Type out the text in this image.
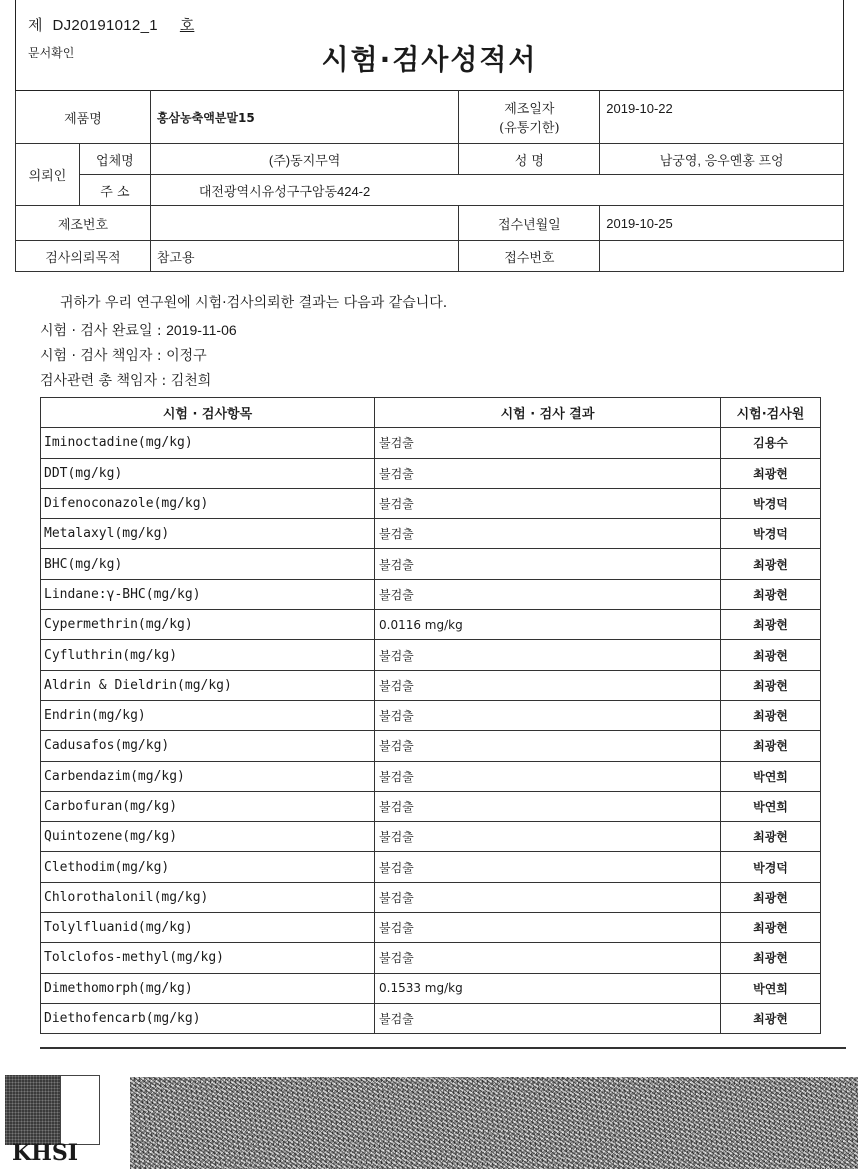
제 DJ20191012_1 호
문서확인	시험·검사성적서
제품명		홍삼농축액분말15	제조일자
(유통기한)	2019-10-22
의뢰인	업체명	(주)동지무역	성 명	남궁영, 응우옌홍 프엉
	주 소	대전광역시유성구구암동424-2		
제조번호			접수년월일	2019-10-25
검사의뢰목적		참고용	접수번호	
귀하가 우리 연구원에 시험·검사의뢰한 결과는 다음과 같습니다.
시험 · 검사 완료일 : 2019-11-06
시험 · 검사 책임자 : 이정구
검사관련 총 책임자 : 김천희
시험 · 검사항목	시험 · 검사 결과	시험·검사원
Iminoctadine(mg/kg)	불검출	김용수
DDT(mg/kg)	불검출	최광현
Difenoconazole(mg/kg)	불검출	박경덕
Metalaxyl(mg/kg)	불검출	박경덕
BHC(mg/kg)	불검출	최광현
Lindane:γ-BHC(mg/kg)	불검출	최광현
Cypermethrin(mg/kg)	0.0116 mg/kg	최광현
Cyfluthrin(mg/kg)	불검출	최광현
Aldrin & Dieldrin(mg/kg)	불검출	최광현
Endrin(mg/kg)	불검출	최광현
Cadusafos(mg/kg)	불검출	최광현
Carbendazim(mg/kg)	불검출	박연희
Carbofuran(mg/kg)	불검출	박연희
Quintozene(mg/kg)	불검출	최광현
Clethodim(mg/kg)	불검출	박경덕
Chlorothalonil(mg/kg)	불검출	최광현
Tolylfluanid(mg/kg)	불검출	최광현
Tolclofos-methyl(mg/kg)	불검출	최광현
Dimethomorph(mg/kg)	0.1533 mg/kg	박연희
Diethofencarb(mg/kg)	불검출	최광현
KHSI
